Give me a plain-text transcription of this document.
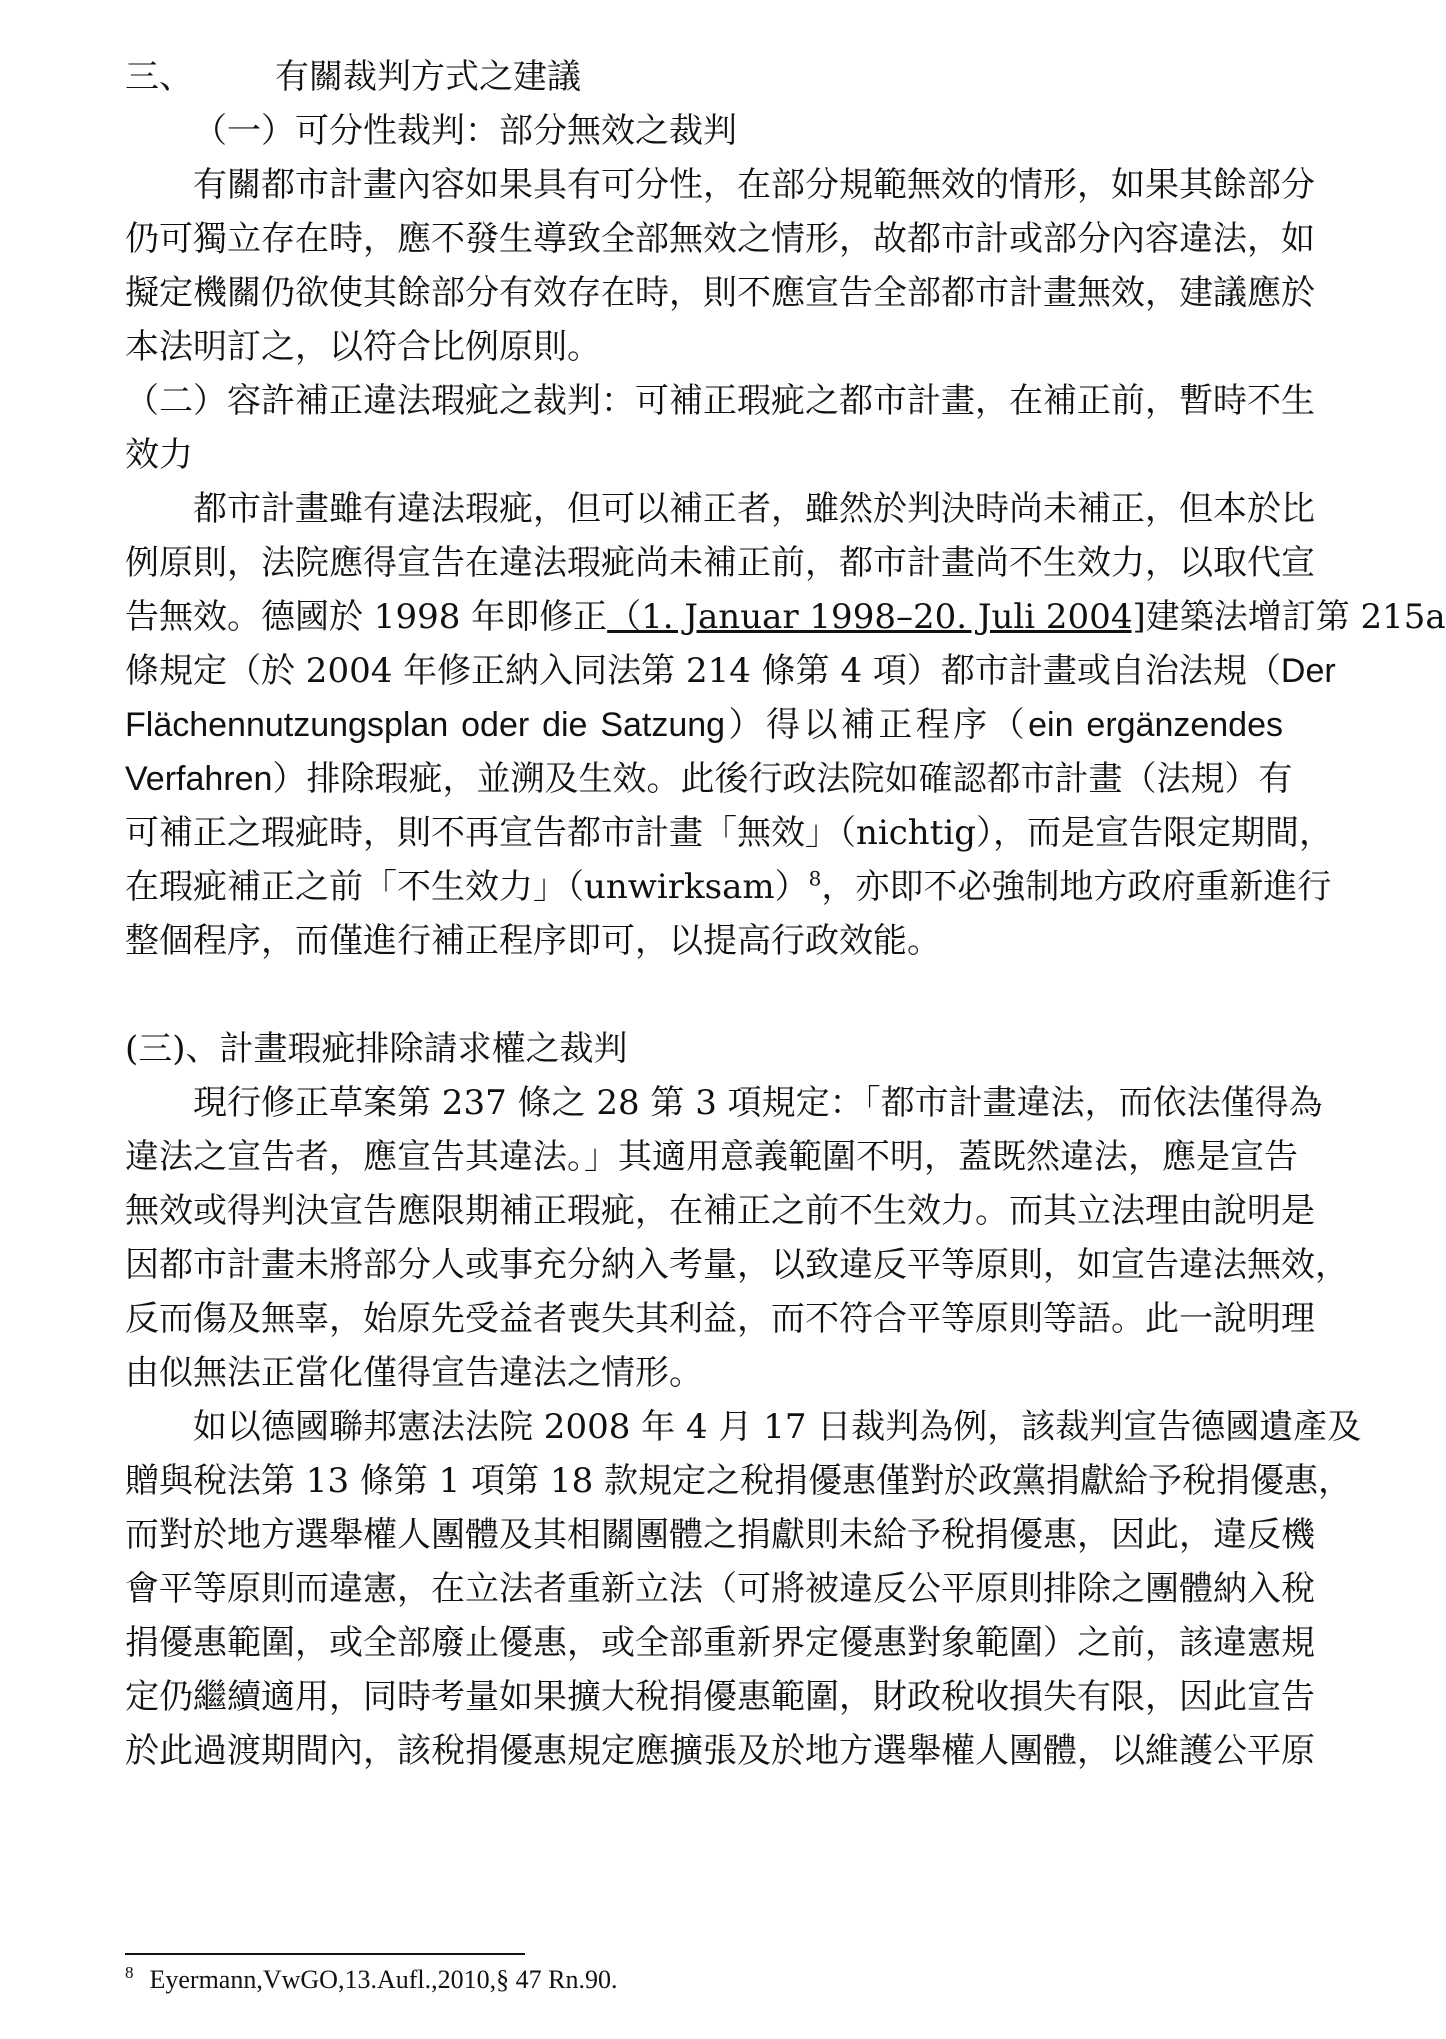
三、 有關裁判方式之建議
（一）可分性裁判：部分無效之裁判
有關都市計畫內容如果具有可分性，在部分規範無效的情形，如果其餘部分
仍可獨立存在時，應不發生導致全部無效之情形，故都市計或部分內容違法，如
擬定機關仍欲使其餘部分有效存在時，則不應宣告全部都市計畫無效，建議應於
本法明訂之，以符合比例原則。
（二）容許補正違法瑕疵之裁判：可補正瑕疵之都市計畫，在補正前，暫時不生
效力
都市計畫雖有違法瑕疵，但可以補正者，雖然於判決時尚未補正，但本於比
例原則，法院應得宣告在違法瑕疵尚未補正前，都市計畫尚不生效力，以取代宣
告無效。德國於 1998 年即修正（1. Januar 1998–20. Juli 2004]建築法增訂第 215a
條規定（於 2004 年修正納入同法第 214 條第 4 項）都市計畫或自治法規（Der
Flächennutzungsplan oder die Satzung）得以補正程序（ein ergänzendes
Verfahren）排除瑕疵，並溯及生效。此後行政法院如確認都市計畫（法規）有
可補正之瑕疵時，則不再宣告都市計畫「無效」（nichtig），而是宣告限定期間，
在瑕疵補正之前「不生效力」（unwirksam）$^8$，亦即不必強制地方政府重新進行
整個程序，而僅進行補正程序即可，以提高行政效能。
(三)、計畫瑕疵排除請求權之裁判
現行修正草案第 237 條之 28 第 3 項規定：「都市計畫違法，而依法僅得為
違法之宣告者，應宣告其違法。」其適用意義範圍不明，蓋既然違法，應是宣告
無效或得判決宣告應限期補正瑕疵，在補正之前不生效力。而其立法理由說明是
因都市計畫未將部分人或事充分納入考量，以致違反平等原則，如宣告違法無效，
反而傷及無辜，始原先受益者喪失其利益，而不符合平等原則等語。此一說明理
由似無法正當化僅得宣告違法之情形。
如以德國聯邦憲法法院 2008 年 4 月 17 日裁判為例，該裁判宣告德國遺產及
贈與稅法第 13 條第 1 項第 18 款規定之稅捐優惠僅對於政黨捐獻給予稅捐優惠，
而對於地方選舉權人團體及其相關團體之捐獻則未給予稅捐優惠，因此，違反機
會平等原則而違憲，在立法者重新立法（可將被違反公平原則排除之團體納入稅
捐優惠範圍，或全部廢止優惠，或全部重新界定優惠對象範圍）之前，該違憲規
定仍繼續適用，同時考量如果擴大稅捐優惠範圍，財政稅收損失有限，因此宣告
於此過渡期間內，該稅捐優惠規定應擴張及於地方選舉權人團體，以維護公平原
$^8$ Eyermann,VwGO,13.Aufl.,2010,§ 47 Rn.90.
